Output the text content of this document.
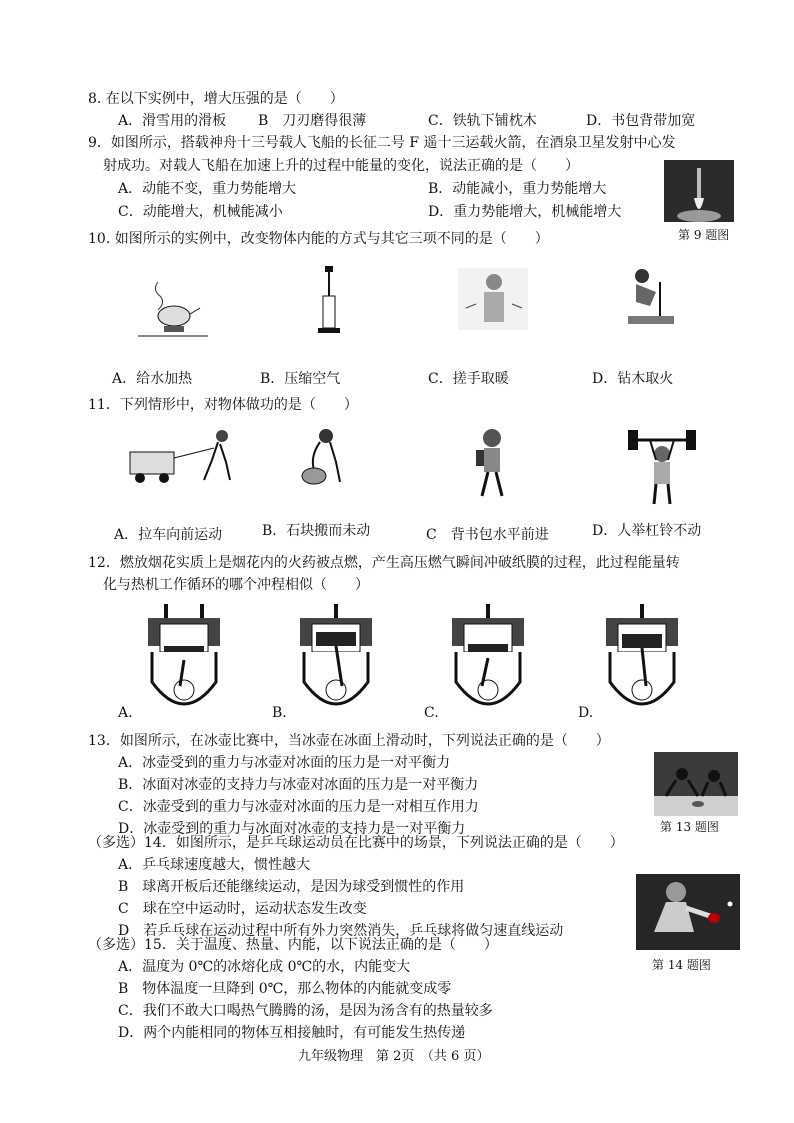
8. 在以下实例中，增大压强的是（　　）
A．滑雪用的滑板 B　刀刃磨得很薄	C．铁轨下铺枕木	D．书包背带加宽
9．如图所示，搭载神舟十三号载人飞船的长征二号 F 遥十三运载火箭，在酒泉卫星发射中心发
射成功。对载人飞船在加速上升的过程中能量的变化，说法正确的是（　　）
A．动能不变，重力势能增大	B．动能减小，重力势能增大
C．动能增大，机械能减小	D．重力势能增大，机械能增大
第 9 题图
10. 如图所示的实例中，改变物体内能的方式与其它三项不同的是（　　）
A．给水加热	B．压缩空气	C．搓手取暖	D．钻木取火
11．下列情形中，对物体做功的是（　　）
A．拉车向前运动	B．石块搬而未动	C　背书包水平前进	D．人举杠铃不动
12．燃放烟花实质上是烟花内的火药被点燃，产生高压燃气瞬间冲破纸膜的过程，此过程能量转
化与热机工作循环的哪个冲程相似（　　）
A.	B.	C.	D.
13．如图所示，在冰壶比赛中，当冰壶在冰面上滑动时，下列说法正确的是（　　）
A．冰壶受到的重力与冰壶对冰面的压力是一对平衡力
B．冰面对冰壶的支持力与冰壶对冰面的压力是一对平衡力
C．冰壶受到的重力与冰壶对冰面的压力是一对相互作用力
D．冰壶受到的重力与冰面对冰壶的支持力是一对平衡力	第 13 题图
（多选）14．如图所示，是乒乓球运动员在比赛中的场景，下列说法正确的是（　　）
A．乒乓球速度越大，惯性越大
B　球离开板后还能继续运动，是因为球受到惯性的作用
C　球在空中运动时，运动状态发生改变
D　若乒乓球在运动过程中所有外力突然消失，乒乓球将做匀速直线运动
第 14 题图
（多选）15．关于温度、热量、内能，以下说法正确的是（　　）
A．温度为 0℃的冰熔化成 0℃的水，内能变大
B　物体温度一旦降到 0℃，那么物体的内能就变成零
C．我们不敢大口喝热气腾腾的汤，是因为汤含有的热量较多
D．两个内能相同的物体互相接触时，有可能发生热传递
九年级物理　第 2页　（共 6 页）
